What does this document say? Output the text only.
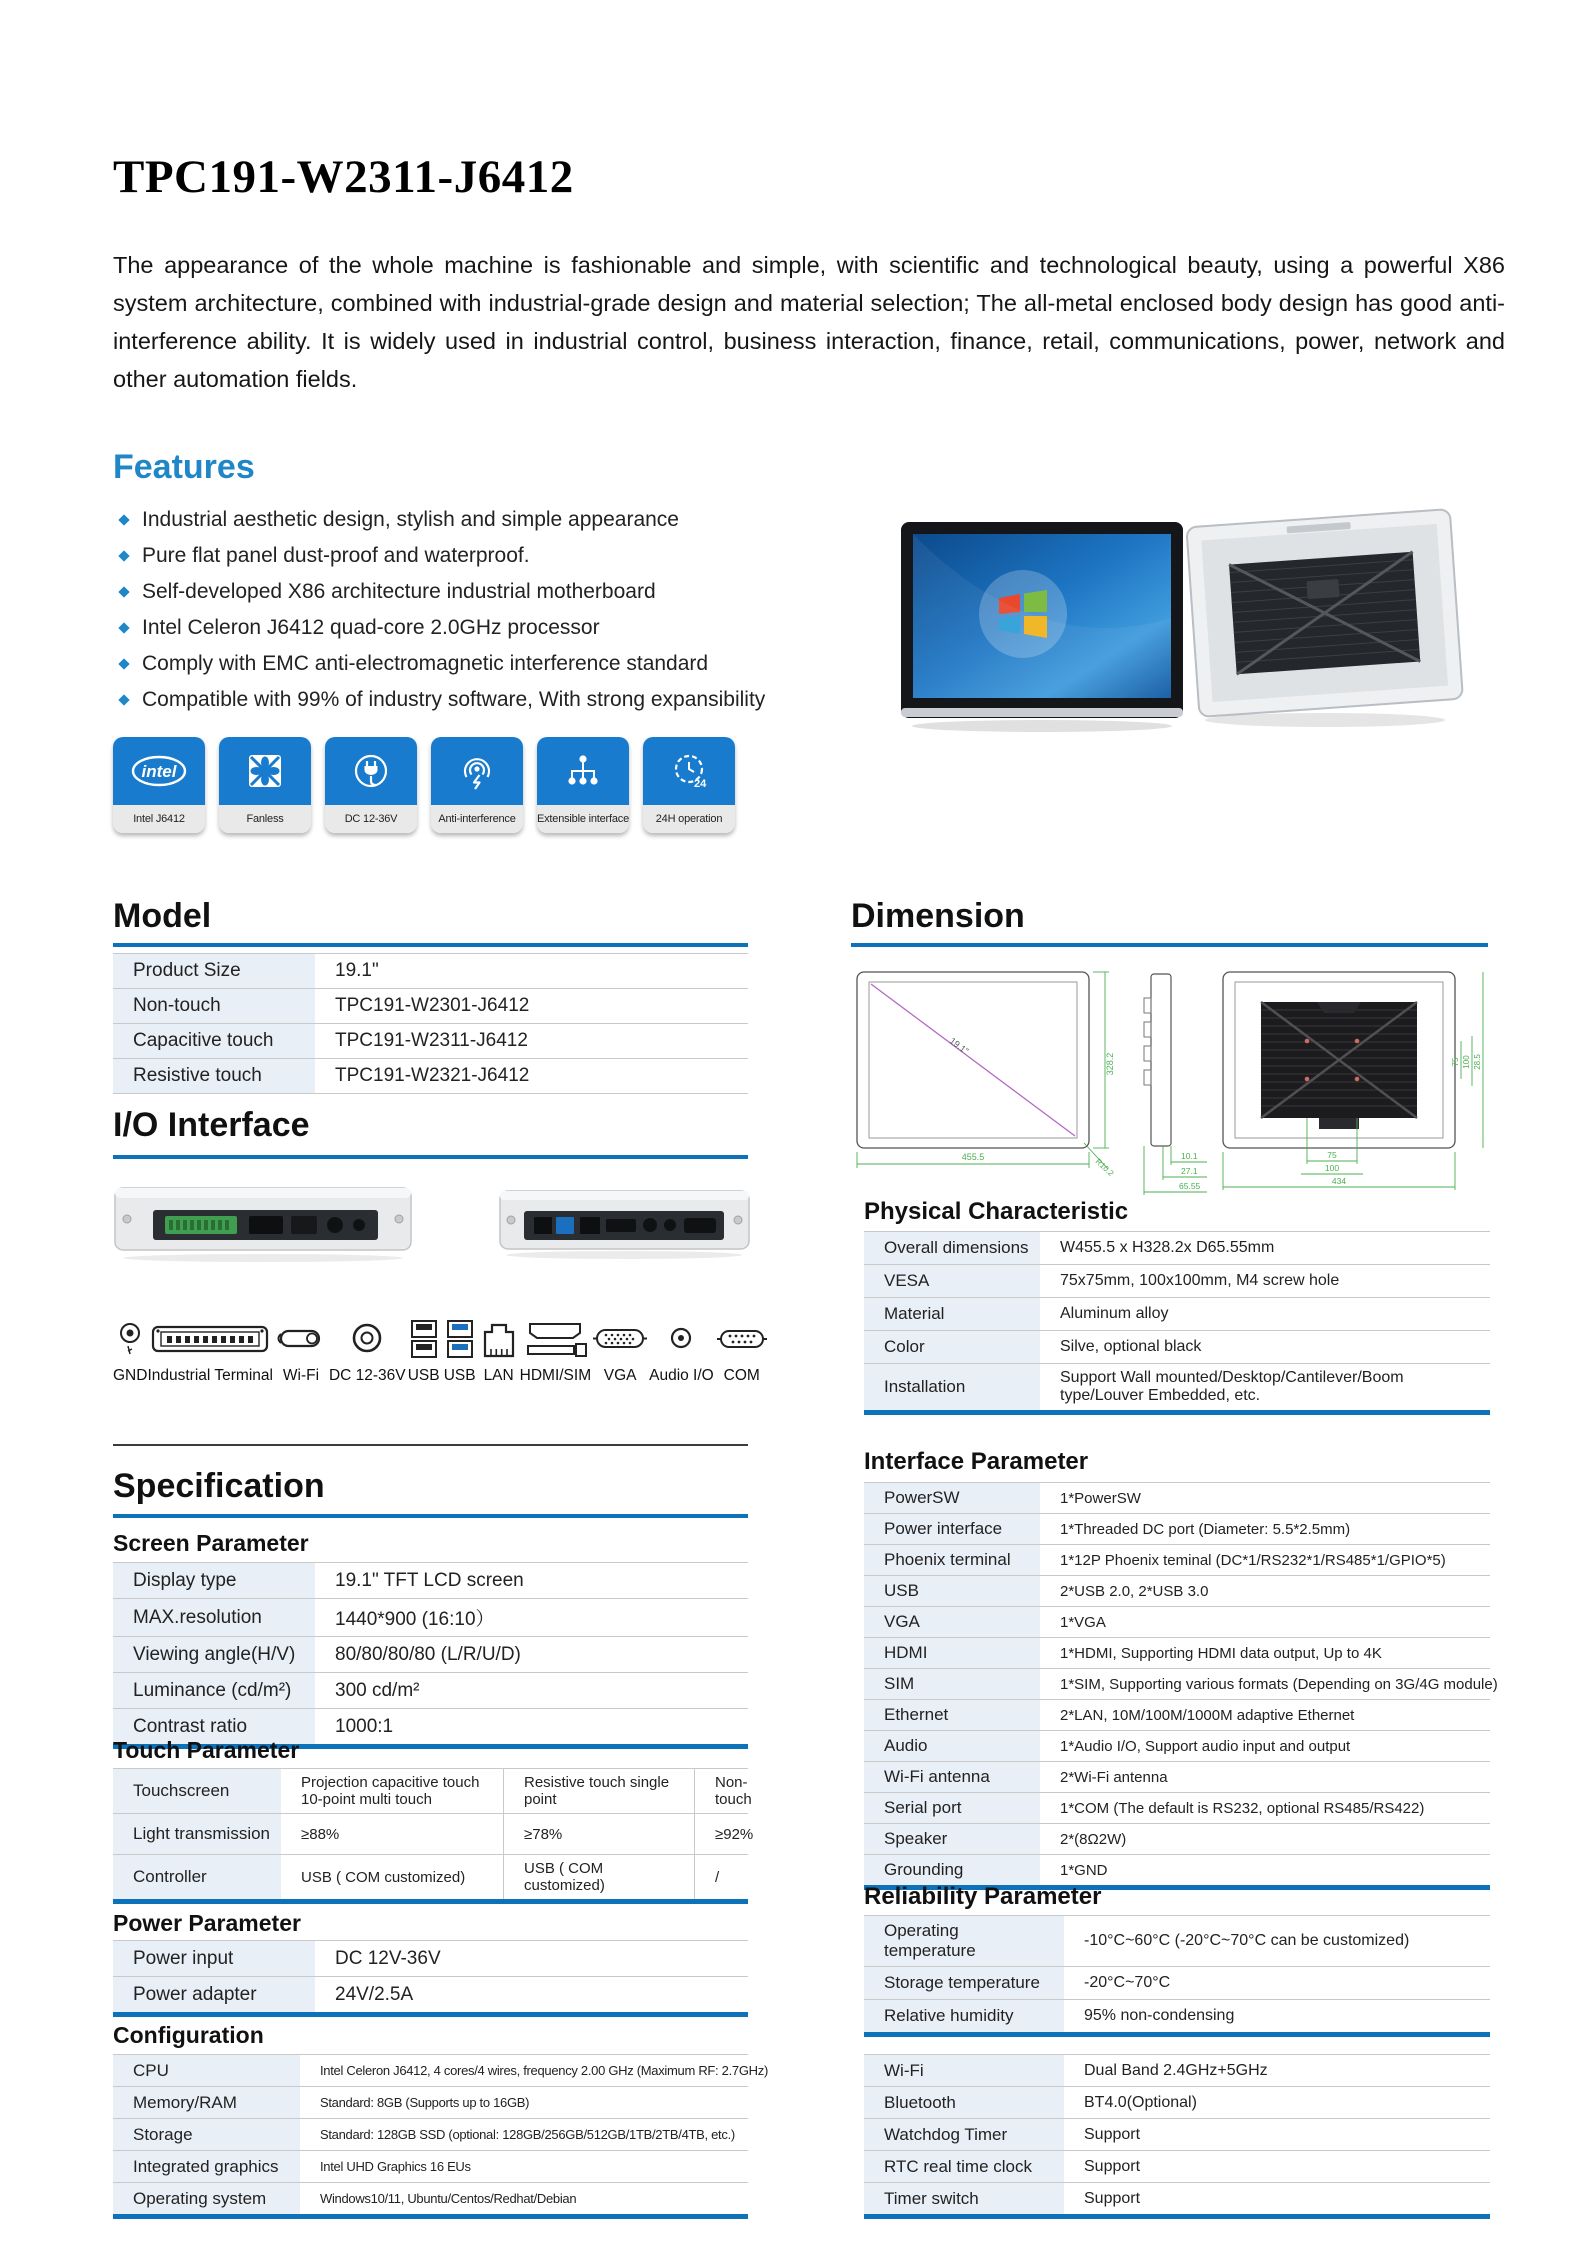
TPC191-W2311-J6412
The appearance of the whole machine is fashionable and simple, with scientific and technological beauty, using a powerful X86 system architecture, combined with industrial-grade design and material selection; The all-metal enclosed body design has good anti-interference ability. It is widely used in industrial control, business interaction, finance, retail, communications, power, network and other automation fields.
Features
Industrial aesthetic design, stylish and simple appearance
Pure flat panel dust-proof and waterproof.
Self-developed X86 architecture industrial motherboard
Intel Celeron J6412 quad-core 2.0GHz processor
Comply with EMC anti-electromagnetic interference standard
Compatible with 99% of industry software, With strong expansibility
intel
Intel J6412	Fanless	DC 12-36V	Anti-interference	Extensible interface
24
24H operation
Model
Product Size	19.1"
Non-touch	TPC191-W2301-J6412
Capacitive touch	TPC191-W2311-J6412
Resistive touch	TPC191-W2321-J6412
Dimension
19.1"
455.5
328.2
R10.2
10.1
27.1
65.55
75 100 28.5
75
100
434
I/O Interface
GND Industrial Terminal Wi-Fi DC 12-36V USB USB LAN HDMI/SIM VGA Audio I/O COM
Physical Characteristic
Overall dimensions	W455.5 x H328.2x D65.55mm
VESA	75x75mm, 100x100mm, M4 screw hole
Material	Aluminum alloy
Color	Silve, optional black
Installation	Support Wall mounted/Desktop/Cantilever/Boom type/Louver Embedded, etc.
Interface Parameter
PowerSW	1*PowerSW
Power interface	1*Threaded DC port (Diameter: 5.5*2.5mm)
Phoenix terminal	1*12P Phoenix teminal (DC*1/RS232*1/RS485*1/GPIO*5)
USB	2*USB 2.0, 2*USB 3.0
VGA	1*VGA
HDMI	1*HDMI, Supporting HDMI data output, Up to 4K
SIM	1*SIM, Supporting various formats (Depending on 3G/4G module)
Ethernet	2*LAN, 10M/100M/1000M adaptive Ethernet
Audio	1*Audio I/O, Support audio input and output
Wi-Fi antenna	2*Wi-Fi antenna
Serial port	1*COM (The default is RS232, optional RS485/RS422)
Speaker	2*(8Ω2W)
Grounding	1*GND
Specification
Screen Parameter
Display type	19.1" TFT LCD screen
MAX.resolution	1440*900 (16:10）
Viewing angle(H/V)	80/80/80/80 (L/R/U/D)
Luminance (cd/m²)	300 cd/m²
Contrast ratio	1000:1
Touch Parameter
Touchscreen	Projection capacitive touch 10-point multi touch	Resistive touch single point	Non-touch
Light transmission	≥88%	≥78%	≥92%
Controller	USB ( COM customized)	USB ( COM customized)	/
Power Parameter
Power input	DC 12V-36V
Power adapter	24V/2.5A
Configuration
CPU	Intel Celeron J6412, 4 cores/4 wires, frequency 2.00 GHz (Maximum RF: 2.7GHz)
Memory/RAM	Standard: 8GB (Supports up to 16GB)
Storage	Standard: 128GB SSD (optional: 128GB/256GB/512GB/1TB/2TB/4TB, etc.)
Integrated graphics	Intel UHD Graphics 16 EUs
Operating system	Windows10/11, Ubuntu/Centos/Redhat/Debian
Reliability Parameter
Operating temperature	-10°C~60°C (-20°C~70°C can be customized)
Storage temperature	-20°C~70°C
Relative humidity	95% non-condensing
Wi-Fi	Dual Band 2.4GHz+5GHz
Bluetooth	BT4.0(Optional)
Watchdog Timer	Support
RTC real time clock	Support
Timer switch	Support
